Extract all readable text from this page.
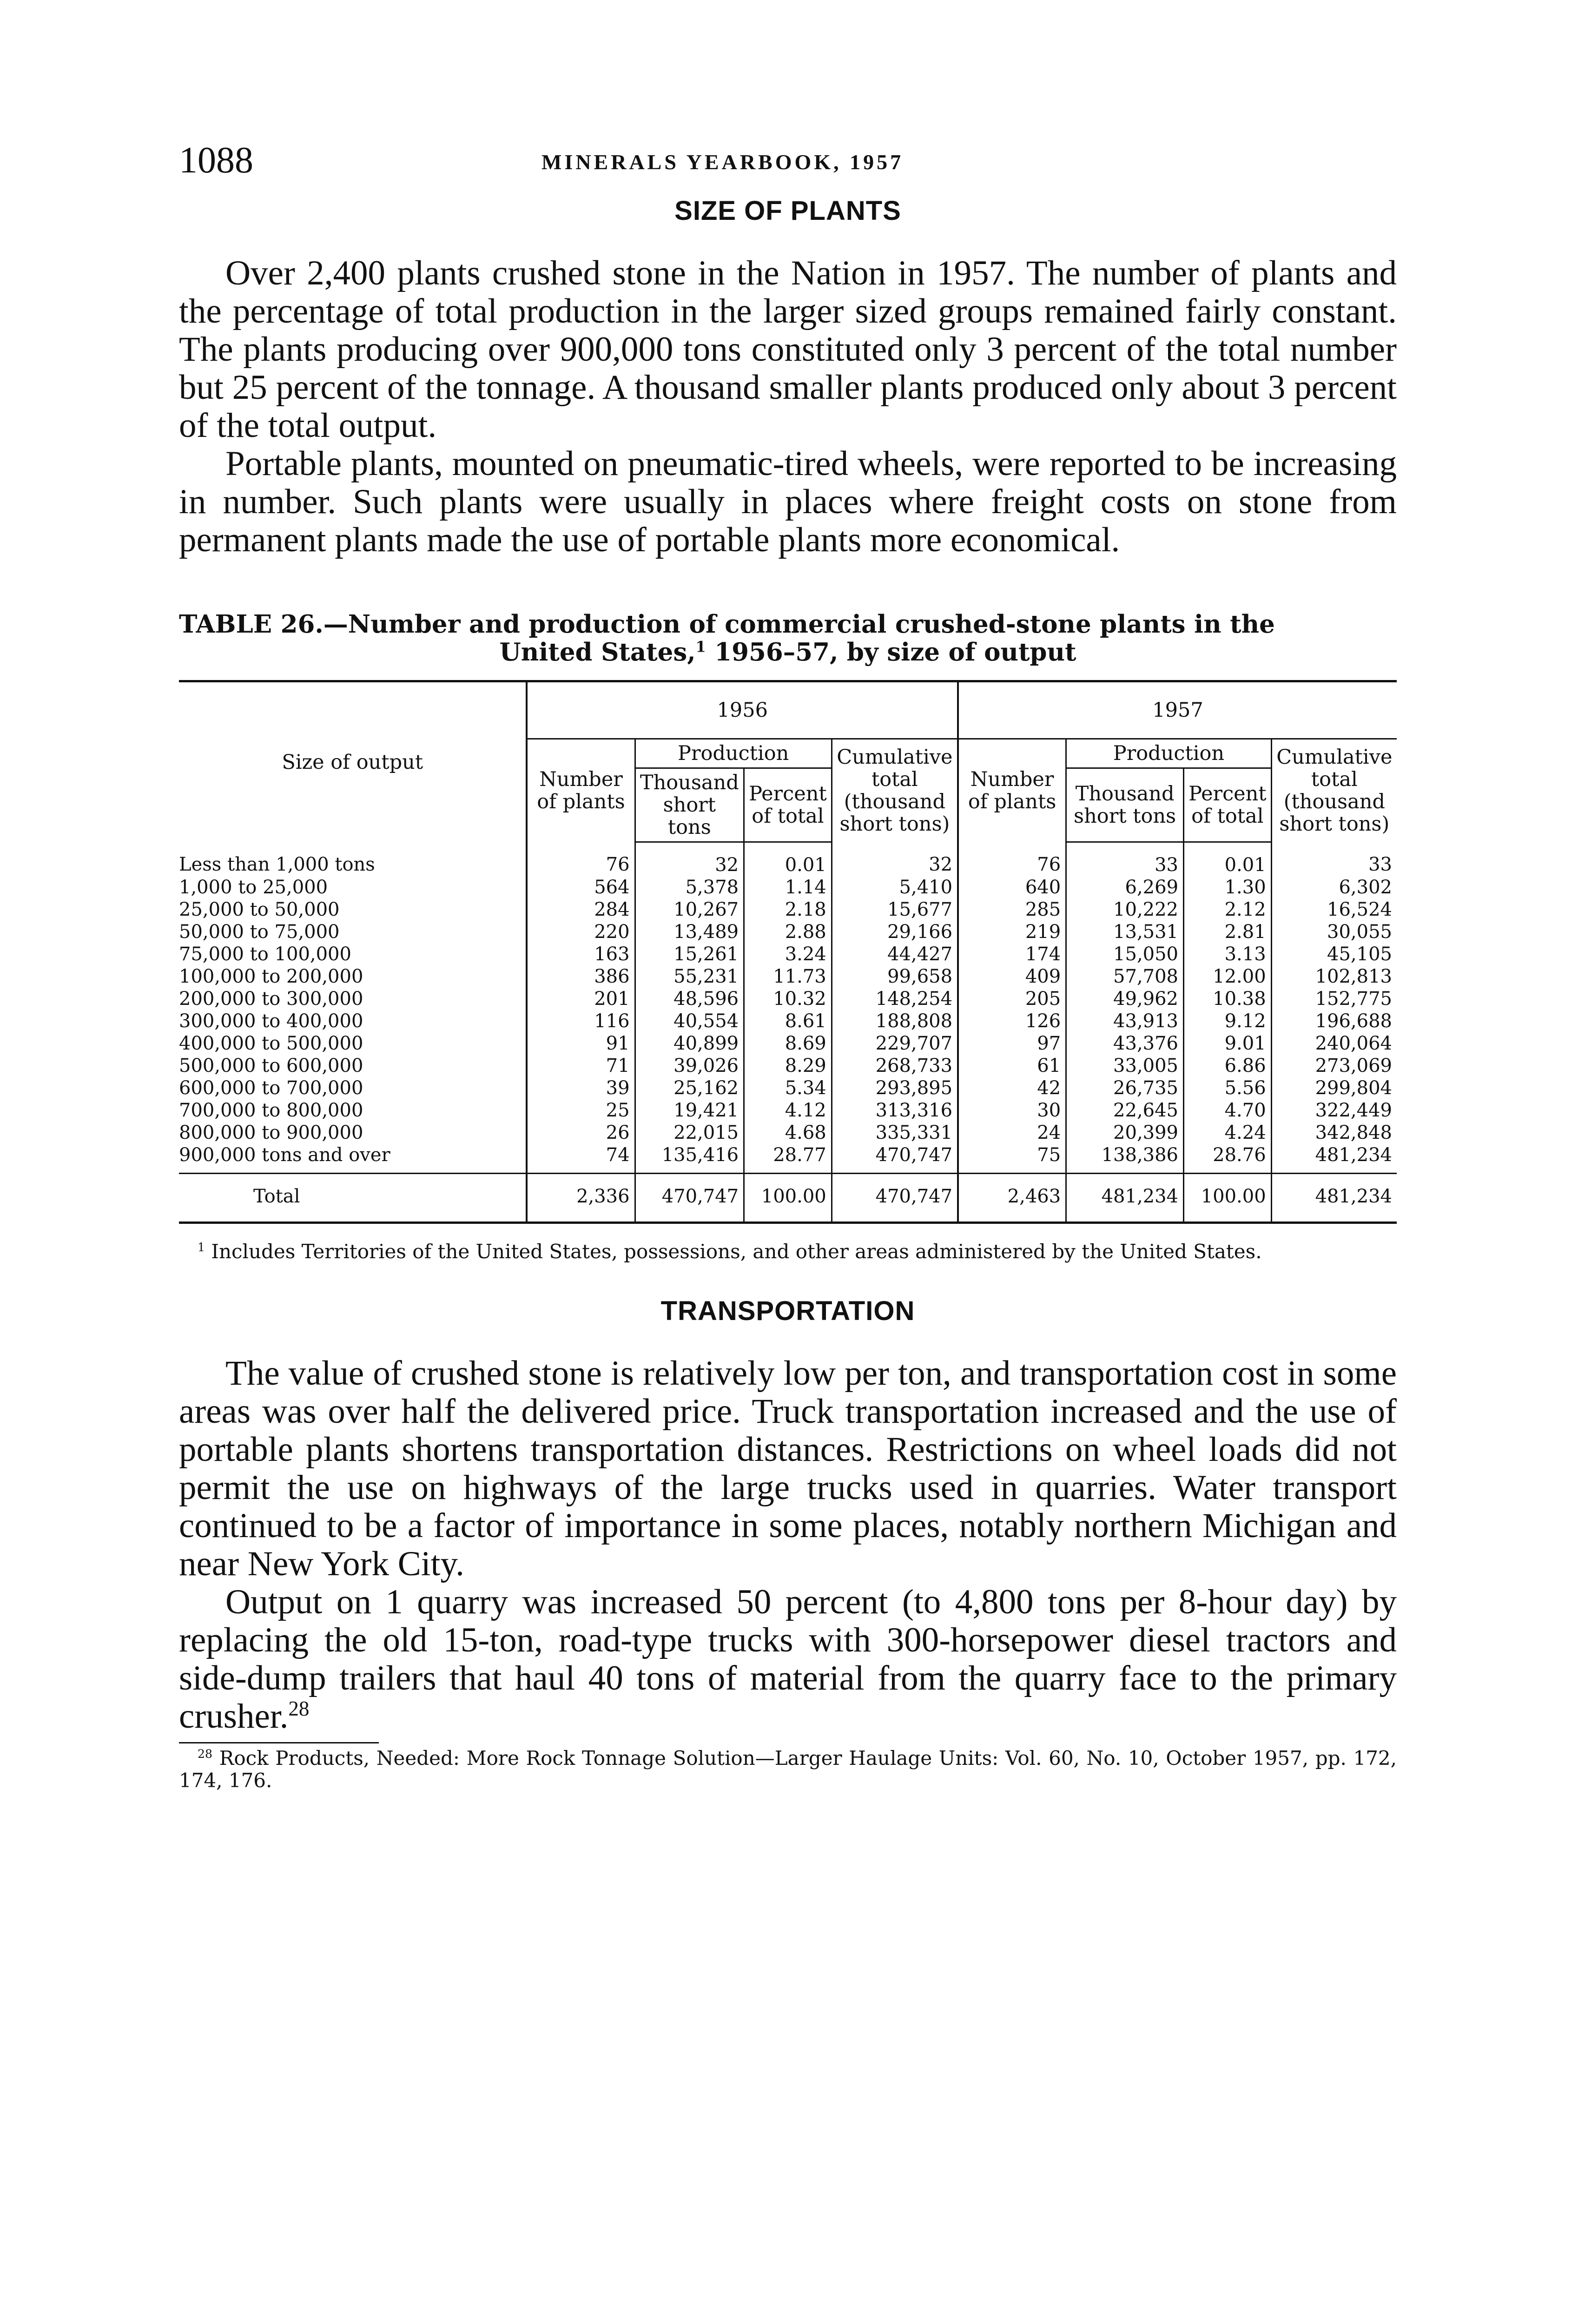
1088	MINERALS YEARBOOK, 1957
SIZE OF PLANTS

Over 2,400 plants crushed stone in the Nation in 1957. The number of plants and the percentage of total production in the larger sized groups remained fairly constant. The plants producing over 900,000 tons constituted only 3 percent of the total number but 25 percent of the tonnage. A thousand smaller plants produced only about 3 percent of the total output.

Portable plants, mounted on pneumatic-tired wheels, were reported to be increasing in number. Such plants were usually in places where freight costs on stone from permanent plants made the use of portable plants more economical.

TABLE 26.—Number and production of commercial crushed-stone plants in the
United States,$^1$ 1956–57, by size of output

Size of output	1956				1957			
	Number of plants	Production		Cumulative total (thousand short tons)	Number of plants	Production		Cumulative total (thousand short tons)
		Thousand short tons	Percent of total			Thousand short tons	Percent of total	
Less than 1,000 tons	76	32	0.01	32	76	33	0.01	33
1,000 to 25,000	564	5,378	1.14	5,410	640	6,269	1.30	6,302
25,000 to 50,000	284	10,267	2.18	15,677	285	10,222	2.12	16,524
50,000 to 75,000	220	13,489	2.88	29,166	219	13,531	2.81	30,055
75,000 to 100,000	163	15,261	3.24	44,427	174	15,050	3.13	45,105
100,000 to 200,000	386	55,231	11.73	99,658	409	57,708	12.00	102,813
200,000 to 300,000	201	48,596	10.32	148,254	205	49,962	10.38	152,775
300,000 to 400,000	116	40,554	8.61	188,808	126	43,913	9.12	196,688
400,000 to 500,000	91	40,899	8.69	229,707	97	43,376	9.01	240,064
500,000 to 600,000	71	39,026	8.29	268,733	61	33,005	6.86	273,069
600,000 to 700,000	39	25,162	5.34	293,895	42	26,735	5.56	299,804
700,000 to 800,000	25	19,421	4.12	313,316	30	22,645	4.70	322,449
800,000 to 900,000	26	22,015	4.68	335,331	24	20,399	4.24	342,848
900,000 tons and over	74	135,416	28.77	470,747	75	138,386	28.76	481,234
Total	2,336	470,747	100.00	470,747	2,463	481,234	100.00	481,234

$^1$ Includes Territories of the United States, possessions, and other areas administered by the United States.

TRANSPORTATION

The value of crushed stone is relatively low per ton, and transportation cost in some areas was over half the delivered price. Truck transportation increased and the use of portable plants shortens transportation distances. Restrictions on wheel loads did not permit the use on highways of the large trucks used in quarries. Water transport continued to be a factor of importance in some places, notably northern Michigan and near New York City.

Output on 1 quarry was increased 50 percent (to 4,800 tons per 8-hour day) by replacing the old 15-ton, road-type trucks with 300-horsepower diesel tractors and side-dump trailers that haul 40 tons of material from the quarry face to the primary crusher.$^{28}$

$^{28}$ Rock Products, Needed: More Rock Tonnage Solution—Larger Haulage Units: Vol. 60, No. 10, October 1957, pp. 172, 174, 176.
